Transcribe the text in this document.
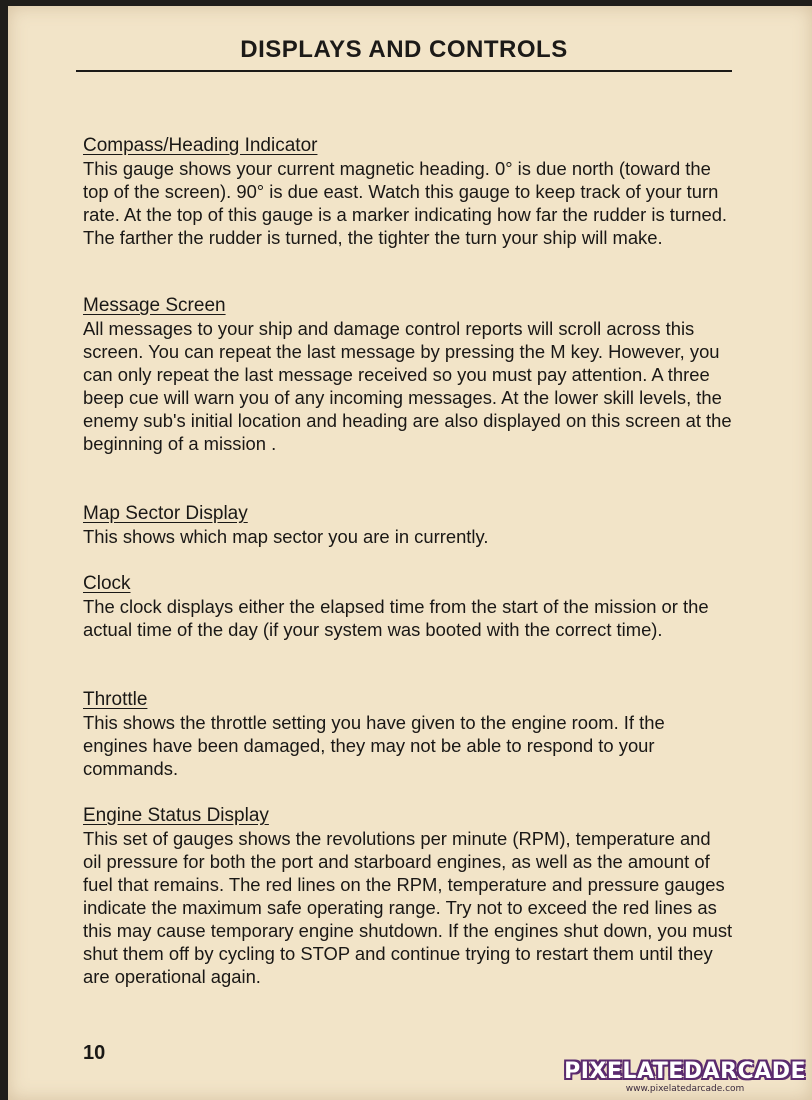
DISPLAYS AND CONTROLS
Compass/Heading Indicator

This gauge shows your current magnetic heading. 0° is due north (toward the top of the screen). 90° is due east. Watch this gauge to keep track of your turn rate. At the top of this gauge is a marker indicating how far the rudder is turned. The farther the rudder is turned, the tighter the turn your ship will make.

Message Screen

All messages to your ship and damage control reports will scroll across this screen. You can repeat the last message by pressing the M key. However, you can only repeat the last message received so you must pay attention. A three beep cue will warn you of any incoming messages. At the lower skill levels, the enemy sub's initial location and heading are also displayed on this screen at the beginning of a mission .

Map Sector Display

This shows which map sector you are in currently.

Clock

The clock displays either the elapsed time from the start of the mission or the actual time of the day (if your system was booted with the correct time).

Throttle

This shows the throttle setting you have given to the engine room. If the engines have been damaged, they may not be able to respond to your commands.

Engine Status Display

This set of gauges shows the revolutions per minute (RPM), temperature and oil pressure for both the port and starboard engines, as well as the amount of fuel that remains. The red lines on the RPM, temperature and pressure gauges indicate the maximum safe operating range. Try not to exceed the red lines as this may cause temporary engine shutdown. If the engines shut down, you must shut them off by cycling to STOP and continue trying to restart them until they are operational again.

10
PIXELATEDARCADE
www.pixelatedarcade.com
